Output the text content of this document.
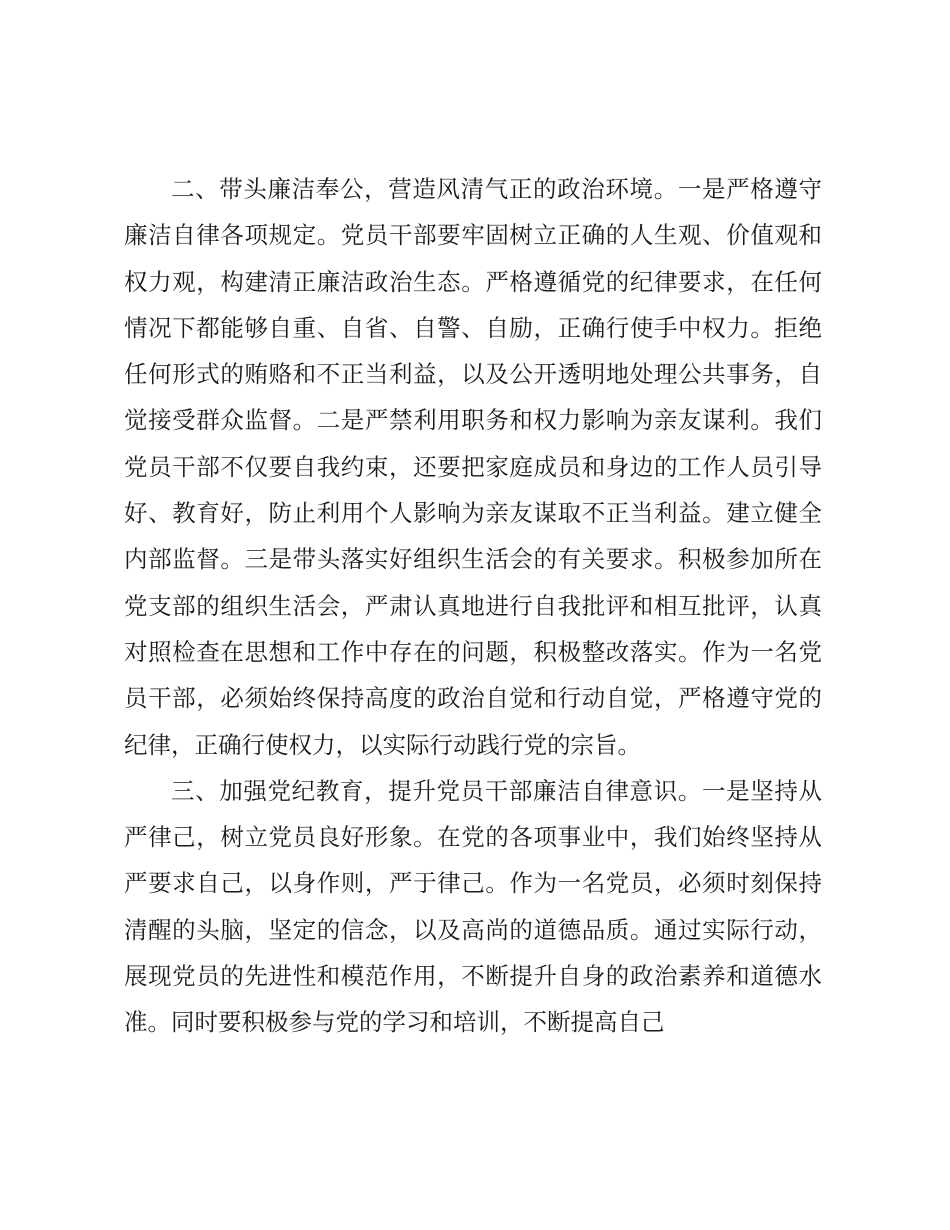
二、带头廉洁奉公，营造风清气正的政治环境。一是严格遵守廉洁自律各项规定。党员干部要牢固树立正确的人生观、价值观和权力观，构建清正廉洁政治生态。严格遵循党的纪律要求，在任何情况下都能够自重、自省、自警、自励，正确行使手中权力。拒绝任何形式的贿赂和不正当利益，以及公开透明地处理公共事务，自觉接受群众监督。二是严禁利用职务和权力影响为亲友谋利。我们党员干部不仅要自我约束，还要把家庭成员和身边的工作人员引导好、教育好，防止利用个人影响为亲友谋取不正当利益。建立健全内部监督。三是带头落实好组织生活会的有关要求。积极参加所在党支部的组织生活会，严肃认真地进行自我批评和相互批评，认真对照检查在思想和工作中存在的问题，积极整改落实。作为一名党员干部，必须始终保持高度的政治自觉和行动自觉，严格遵守党的纪律，正确行使权力，以实际行动践行党的宗旨。

三、加强党纪教育，提升党员干部廉洁自律意识。一是坚持从严律己，树立党员良好形象。在党的各项事业中，我们始终坚持从严要求自己，以身作则，严于律己。作为一名党员，必须时刻保持清醒的头脑，坚定的信念，以及高尚的道德品质。通过实际行动，展现党员的先进性和模范作用，不断提升自身的政治素养和道德水准。同时要积极参与党的学习和培训，不断提高自己
